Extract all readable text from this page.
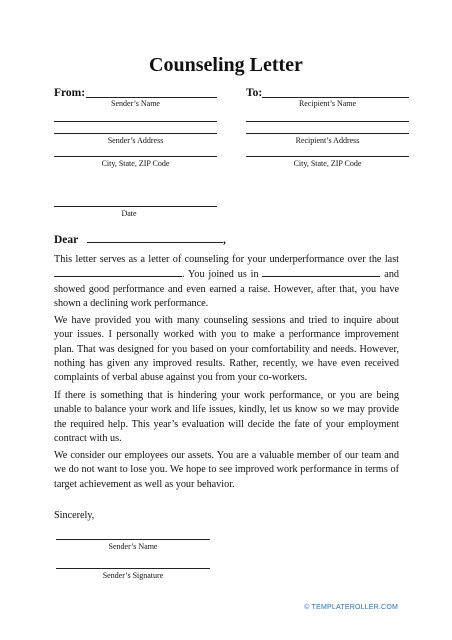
Counseling Letter
From:
Sender’s Name
Sender’s Address
City, State, ZIP Code
To:
Recipient’s Name
Recipient’s Address
City, State, ZIP Code
Date
Dear	,
This letter serves as a letter of counseling for your underperformance over the last . You joined us in	and showed good performance and even earned a raise. However, after that, you have shown a declining work performance.
We have provided you with many counseling sessions and tried to inquire about your issues. I personally worked with you to make a performance improvement plan. That was designed for you based on your comfortability and needs. However, nothing has given any improved results. Rather, recently, we have even received complaints of verbal abuse against you from your co-workers.
If there is something that is hindering your work performance, or you are being unable to balance your work and life issues, kindly, let us know so we may provide the required help. This year’s evaluation will decide the fate of your employment contract with us.
We consider our employees our assets. You are a valuable member of our team and we do not want to lose you. We hope to see improved work performance in terms of target achievement as well as your behavior.
Sincerely,
Sender’s Name
Sender’s Signature
© TEMPLATEROLLER.COM
